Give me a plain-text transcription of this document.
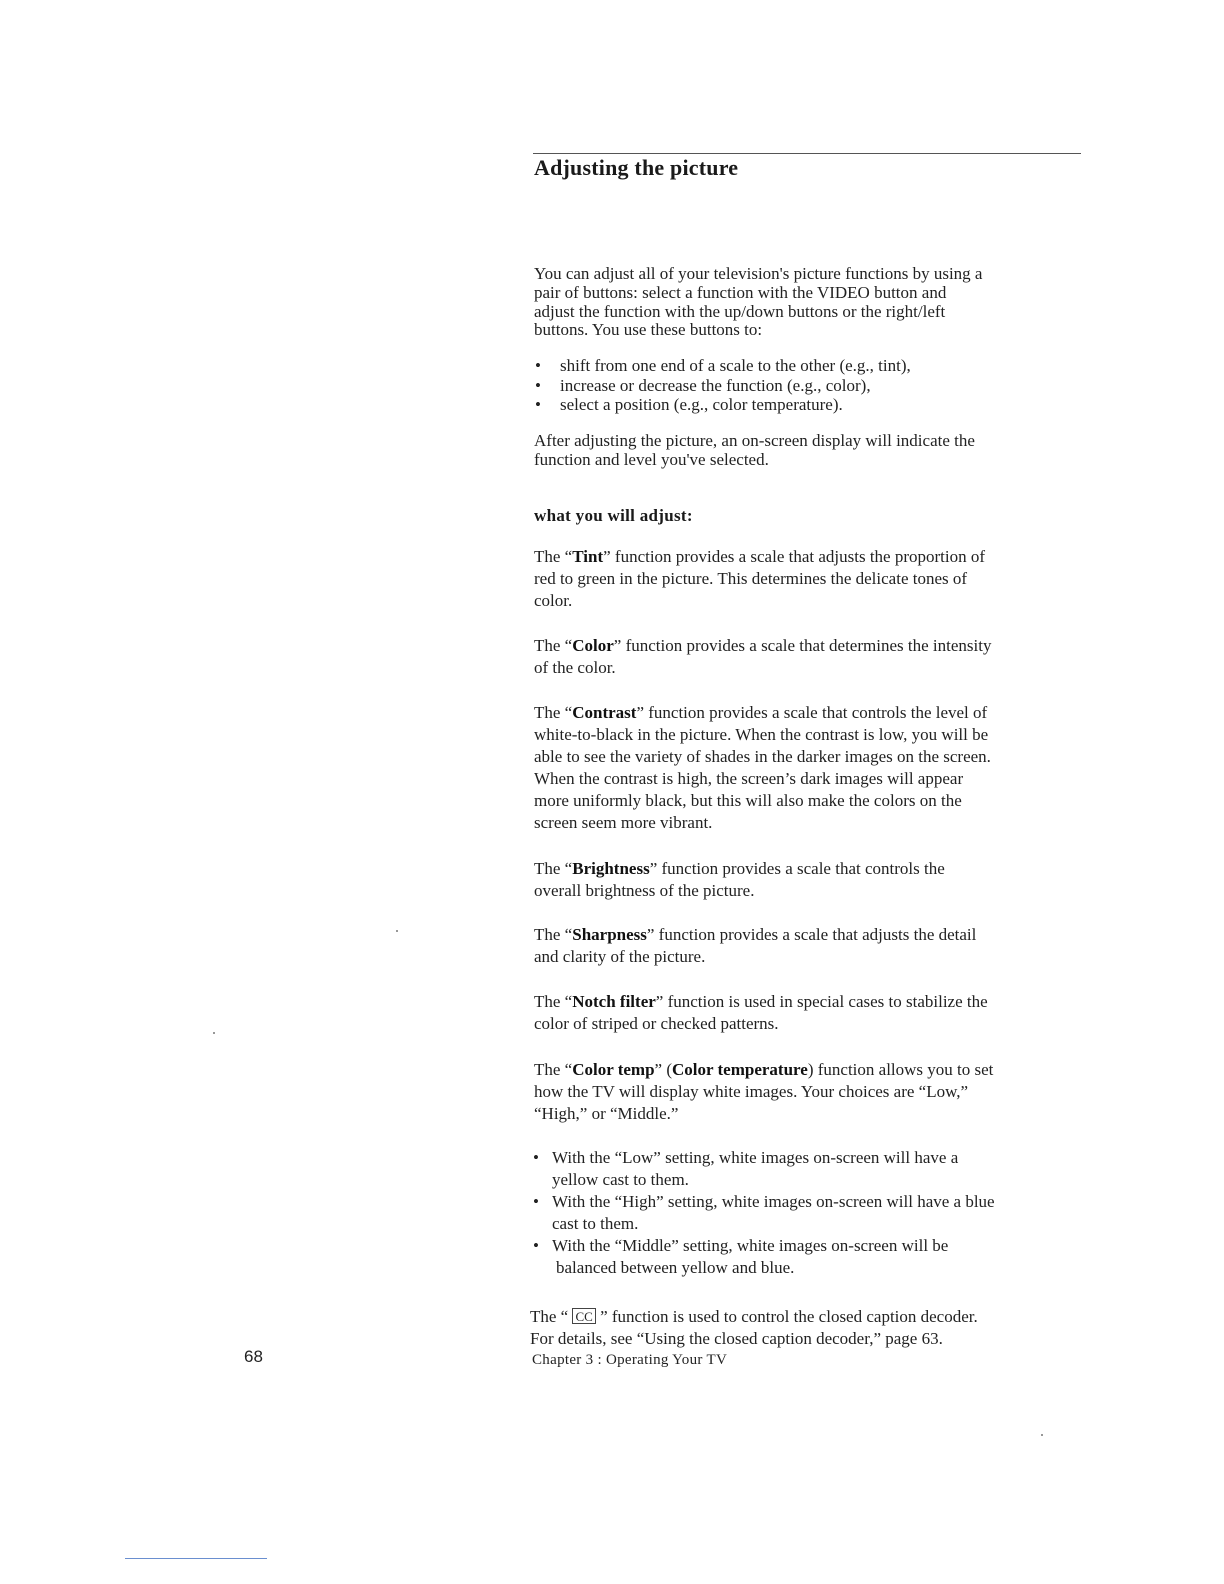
Adjusting the picture
You can adjust all of your television's picture functions by using a
pair of buttons: select a function with the VIDEO button and
adjust the function with the up/down buttons or the right/left
buttons. You use these buttons to:
• shift from one end of a scale to the other (e.g., tint),
• increase or decrease the function (e.g., color),
• select a position (e.g., color temperature).
After adjusting the picture, an on-screen display will indicate the
function and level you've selected.
what you will adjust:
The “Tint” function provides a scale that adjusts the proportion of
red to green in the picture. This determines the delicate tones of
color.
The “Color” function provides a scale that determines the intensity
of the color.
The “Contrast” function provides a scale that controls the level of
white-to-black in the picture. When the contrast is low, you will be
able to see the variety of shades in the darker images on the screen.
When the contrast is high, the screen’s dark images will appear
more uniformly black, but this will also make the colors on the
screen seem more vibrant.
The “Brightness” function provides a scale that controls the
overall brightness of the picture.
The “Sharpness” function provides a scale that adjusts the detail
and clarity of the picture.
The “Notch filter” function is used in special cases to stabilize the
color of striped or checked patterns.
The “Color temp” (Color temperature) function allows you to set
how the TV will display white images. Your choices are “Low,”
“High,” or “Middle.”
• With the “Low” setting, white images on-screen will have a
yellow cast to them.
• With the “High” setting, white images on-screen will have a blue
cast to them.
• With the “Middle” setting, white images on-screen will be
balanced between yellow and blue.
The “ CC ” function is used to control the closed caption decoder.
For details, see “Using the closed caption decoder,” page 63.
Chapter 3 : Operating Your TV
68
